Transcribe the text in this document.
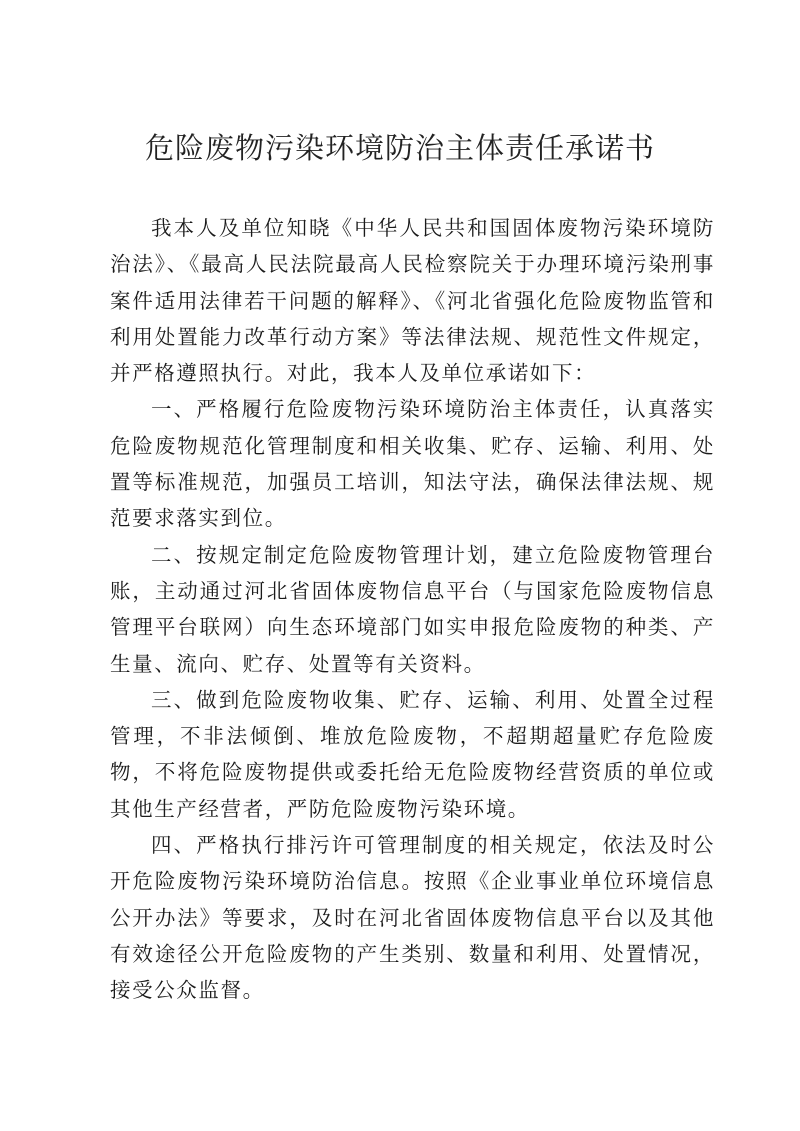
危险废物污染环境防治主体责任承诺书

我本人及单位知晓《中华人民共和国固体废物污染环境防治法》、《最高人民法院最高人民检察院关于办理环境污染刑事案件适用法律若干问题的解释》、《河北省强化危险废物监管和利用处置能力改革行动方案》等法律法规、规范性文件规定，并严格遵照执行。对此，我本人及单位承诺如下：

一、严格履行危险废物污染环境防治主体责任，认真落实危险废物规范化管理制度和相关收集、贮存、运输、利用、处置等标准规范，加强员工培训，知法守法，确保法律法规、规范要求落实到位。

二、按规定制定危险废物管理计划，建立危险废物管理台账，主动通过河北省固体废物信息平台（与国家危险废物信息管理平台联网）向生态环境部门如实申报危险废物的种类、产生量、流向、贮存、处置等有关资料。

三、做到危险废物收集、贮存、运输、利用、处置全过程管理，不非法倾倒、堆放危险废物，不超期超量贮存危险废物，不将危险废物提供或委托给无危险废物经营资质的单位或其他生产经营者，严防危险废物污染环境。

四、严格执行排污许可管理制度的相关规定，依法及时公开危险废物污染环境防治信息。按照《企业事业单位环境信息公开办法》等要求，及时在河北省固体废物信息平台以及其他有效途径公开危险废物的产生类别、数量和利用、处置情况，接受公众监督。
